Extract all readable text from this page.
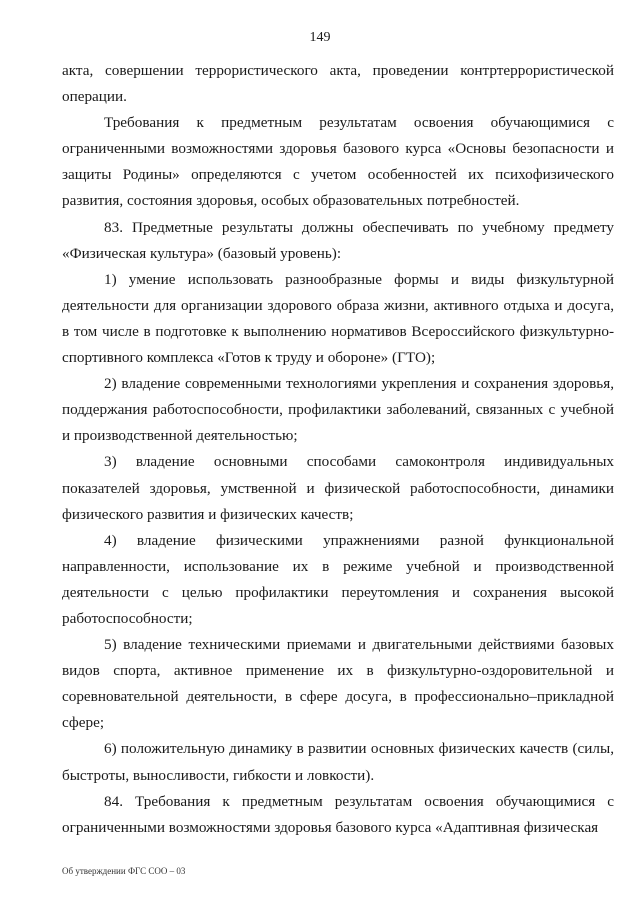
149

акта, совершении террористического акта, проведении контртеррористической операции.

Требования к предметным результатам освоения обучающимися с ограниченными возможностями здоровья базового курса «Основы безопасности и защиты Родины» определяются с учетом особенностей их психофизического развития, состояния здоровья, особых образовательных потребностей.

83. Предметные результаты должны обеспечивать по учебному предмету «Физическая культура» (базовый уровень):

1) умение использовать разнообразные формы и виды физкультурной деятельности для организации здорового образа жизни, активного отдыха и досуга, в том числе в подготовке к выполнению нормативов Всероссийского физкультурно-спортивного комплекса «Готов к труду и обороне» (ГТО);

2) владение современными технологиями укрепления и сохранения здоровья, поддержания работоспособности, профилактики заболеваний, связанных с учебной и производственной деятельностью;

3) владение основными способами самоконтроля индивидуальных показателей здоровья, умственной и физической работоспособности, динамики физического развития и физических качеств;

4) владение физическими упражнениями разной функциональной направленности, использование их в режиме учебной и производственной деятельности с целью профилактики переутомления и сохранения высокой работоспособности;

5) владение техническими приемами и двигательными действиями базовых видов спорта, активное применение их в физкультурно-оздоровительной и соревновательной деятельности, в сфере досуга, в профессионально–прикладной сфере;

6) положительную динамику в развитии основных физических качеств (силы, быстроты, выносливости, гибкости и ловкости).

84. Требования к предметным результатам освоения обучающимися с ограниченными возможностями здоровья базового курса «Адаптивная физическая

Об утверждении ФГС СОО – 03
